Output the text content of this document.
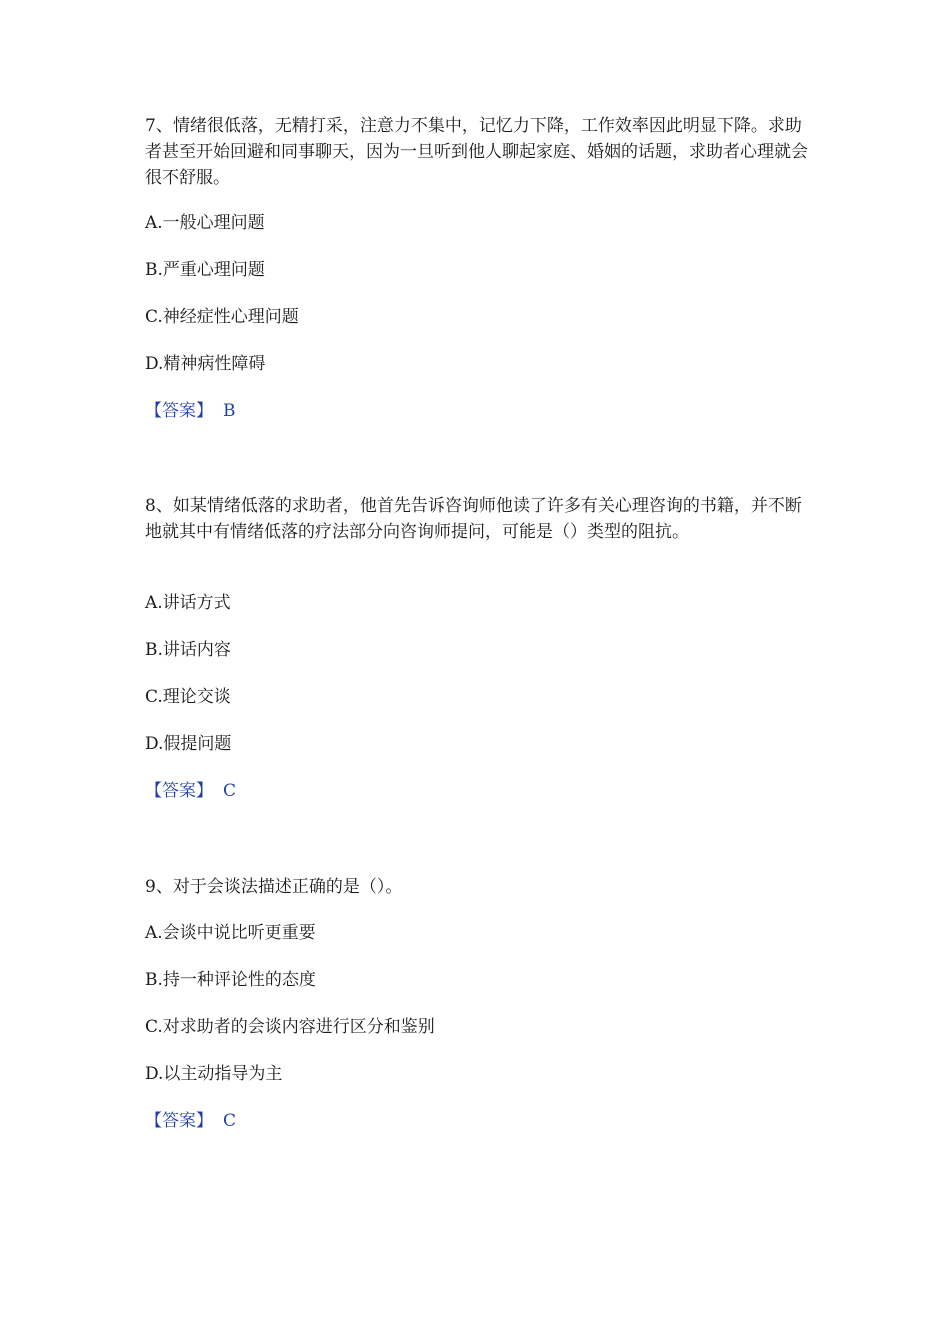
7、情绪很低落，无精打采，注意力不集中，记忆力下降，工作效率因此明显下降。求助者甚至开始回避和同事聊天，因为一旦听到他人聊起家庭、婚姻的话题，求助者心理就会很不舒服。

A.一般心理问题

B.严重心理问题

C.神经症性心理问题

D.精神病性障碍

【答案】 B

8、如某情绪低落的求助者，他首先告诉咨询师他读了许多有关心理咨询的书籍，并不断地就其中有情绪低落的疗法部分向咨询师提问，可能是（）类型的阻抗。

A.讲话方式

B.讲话内容

C.理论交谈

D.假提问题

【答案】 C

9、对于会谈法描述正确的是（）。

A.会谈中说比听更重要

B.持一种评论性的态度

C.对求助者的会谈内容进行区分和鉴别

D.以主动指导为主

【答案】 C
